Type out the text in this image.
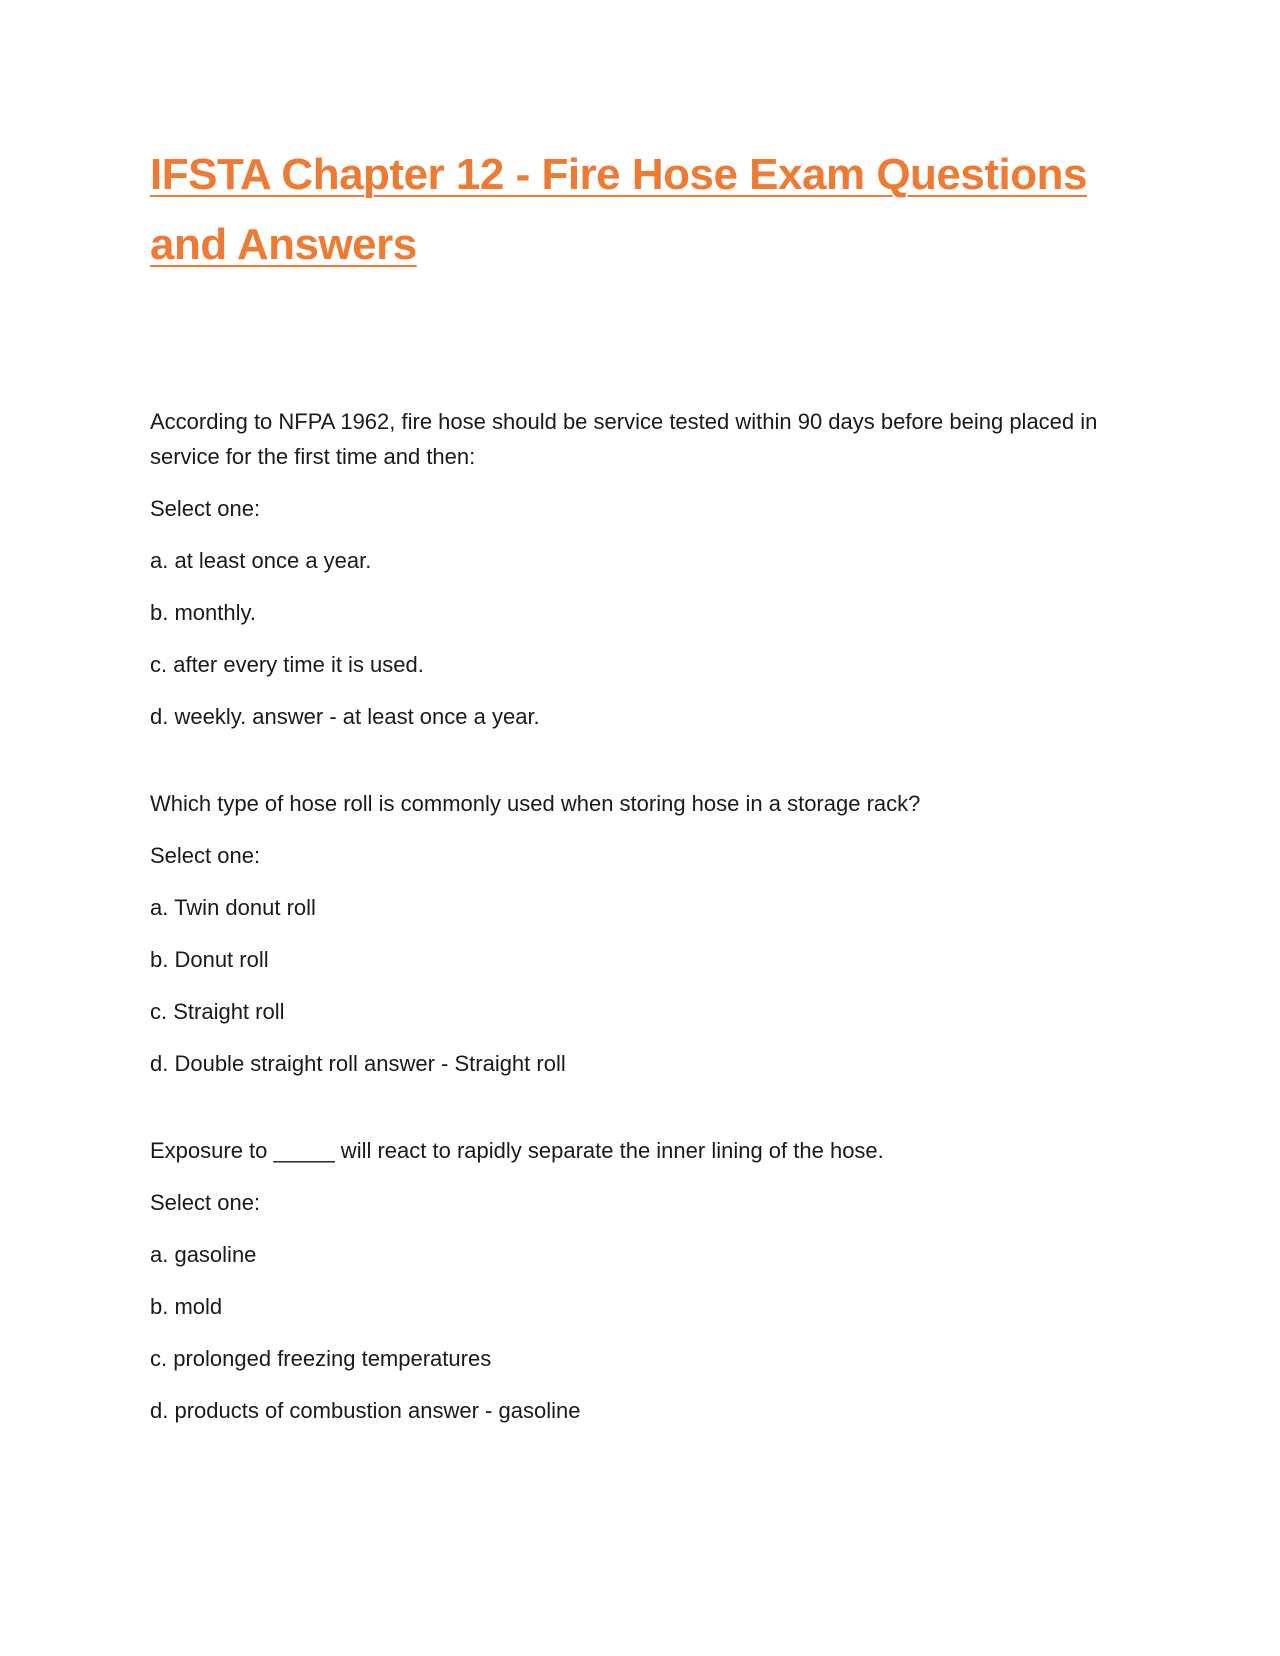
IFSTA Chapter 12 - Fire Hose Exam Questions and Answers

According to NFPA 1962, fire hose should be service tested within 90 days before being placed in service for the first time and then:

Select one:

a. at least once a year.

b. monthly.

c. after every time it is used.

d. weekly. answer - at least once a year.

Which type of hose roll is commonly used when storing hose in a storage rack?

Select one:

a. Twin donut roll

b. Donut roll

c. Straight roll

d. Double straight roll answer - Straight roll

Exposure to _____ will react to rapidly separate the inner lining of the hose.

Select one:

a. gasoline

b. mold

c. prolonged freezing temperatures

d. products of combustion answer - gasoline
